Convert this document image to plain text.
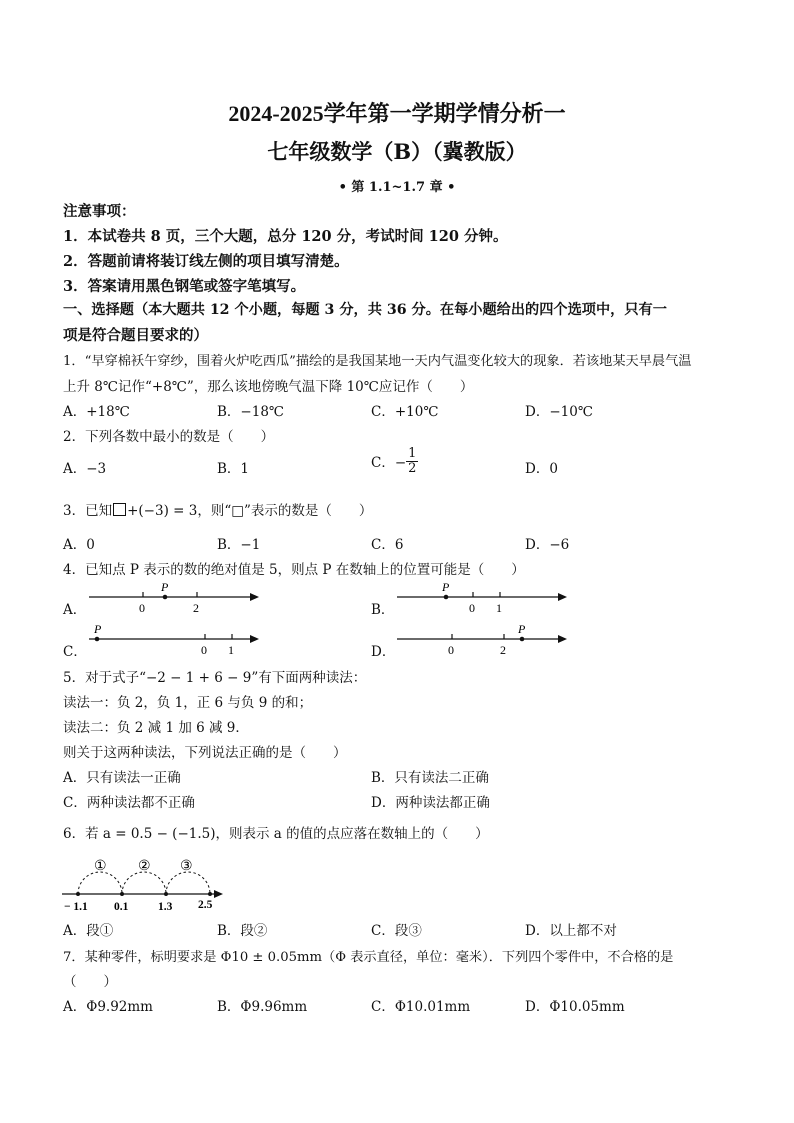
2024-2025学年第一学期学情分析一
七年级数学（B）（冀教版）
• 第 1.1~1.7 章 •
注意事项：
1．本试卷共 8 页，三个大题，总分 120 分，考试时间 120 分钟。
2．答题前请将装订线左侧的项目填写清楚。
3．答案请用黑色钢笔或签字笔填写。
一、选择题（本大题共 12 个小题，每题 3 分，共 36 分。在每小题给出的四个选项中，只有一
项是符合题目要求的）
1．“早穿棉袄午穿纱，围着火炉吃西瓜”描绘的是我国某地一天内气温变化较大的现象．若该地某天早晨气温
上升 8℃记作“+8℃”，那么该地傍晚气温下降 10℃应记作（　　）
A．+18℃	B．−18℃	C．+10℃	D．−10℃
2．下列各数中最小的数是（　　）
A．−3	B．1	C．− $\frac{1}{2}$	D．0
3．已知 +(−3) = 3，则“□”表示的数是（　　）
A．0	B．−1	C．6	D．−6
4．已知点 P 表示的数的绝对值是 5，则点 P 在数轴上的位置可能是（　　）
A．
P
0	2	B．
P
0 1
C．
P
0 1	D．
P
0	2
5．对于式子“−2 − 1 + 6 − 9”有下面两种读法：
读法一：负 2，负 1，正 6 与负 9 的和；
读法二：负 2 减 1 加 6 减 9．
则关于这两种读法，下列说法正确的是（　　）
A．只有读法一正确	B．只有读法二正确
C．两种读法都不正确	D．两种读法都正确
6．若 a = 0.5 − (−1.5)，则表示 a 的值的点应落在数轴上的（　　）
① ② ③
− 1.1 0.1	1.3 2.5
A．段①	B．段②	C．段③	D．以上都不对
7．某种零件，标明要求是 Φ10 ± 0.05mm（Φ 表示直径，单位：毫米）．下列四个零件中，不合格的是
（　　）
A．Φ9.92mm	B．Φ9.96mm	C．Φ10.01mm	D．Φ10.05mm
